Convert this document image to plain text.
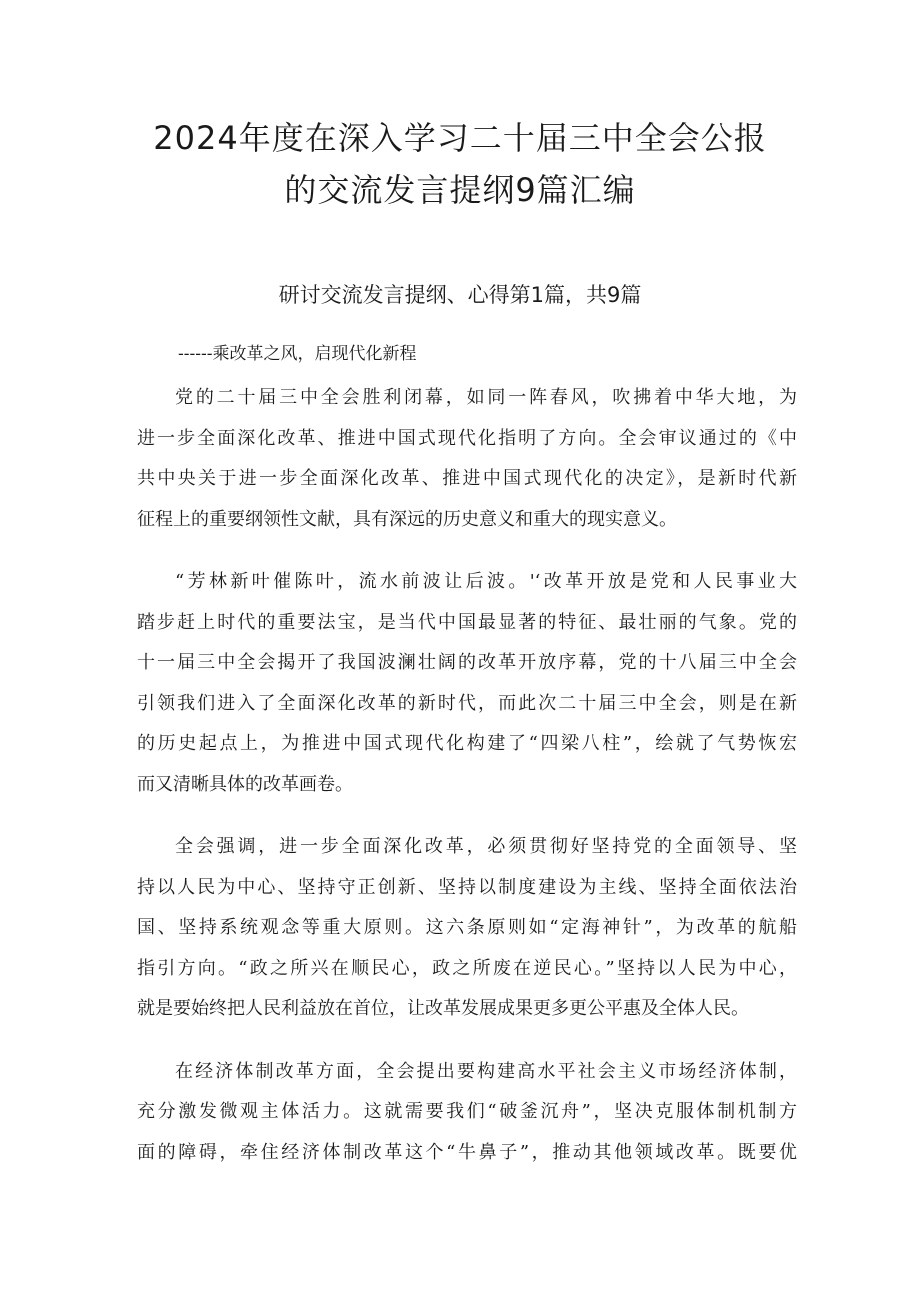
2024年度在深入学习二十届三中全会公报
的交流发言提纲9篇汇编
研讨交流发言提纲、心得第1篇，共9篇

------乘改革之风，启现代化新程

党的二十届三中全会胜利闭幕，如同一阵春风，吹拂着中华大地，为
进一步全面深化改革、推进中国式现代化指明了方向。全会审议通过的《中
共中央关于进一步全面深化改革、推进中国式现代化的决定》，是新时代新
征程上的重要纲领性文献，具有深远的历史意义和重大的现实意义。

“芳林新叶催陈叶，流水前波让后波。'‘改革开放是党和人民事业大
踏步赶上时代的重要法宝，是当代中国最显著的特征、最壮丽的气象。党的
十一届三中全会揭开了我国波澜壮阔的改革开放序幕，党的十八届三中全会
引领我们进入了全面深化改革的新时代，而此次二十届三中全会，则是在新
的历史起点上，为推进中国式现代化构建了“四梁八柱”，绘就了气势恢宏
而又清晰具体的改革画卷。

全会强调，进一步全面深化改革，必须贯彻好坚持党的全面领导、坚
持以人民为中心、坚持守正创新、坚持以制度建设为主线、坚持全面依法治
国、坚持系统观念等重大原则。这六条原则如“定海神针”，为改革的航船
指引方向。“政之所兴在顺民心，政之所废在逆民心。”坚持以人民为中心，
就是要始终把人民利益放在首位，让改革发展成果更多更公平惠及全体人民。

在经济体制改革方面，全会提出要构建高水平社会主义市场经济体制，
充分激发微观主体活力。这就需要我们“破釜沉舟”，坚决克服体制机制方
面的障碍，牵住经济体制改革这个“牛鼻子”，推动其他领域改革。既要优
